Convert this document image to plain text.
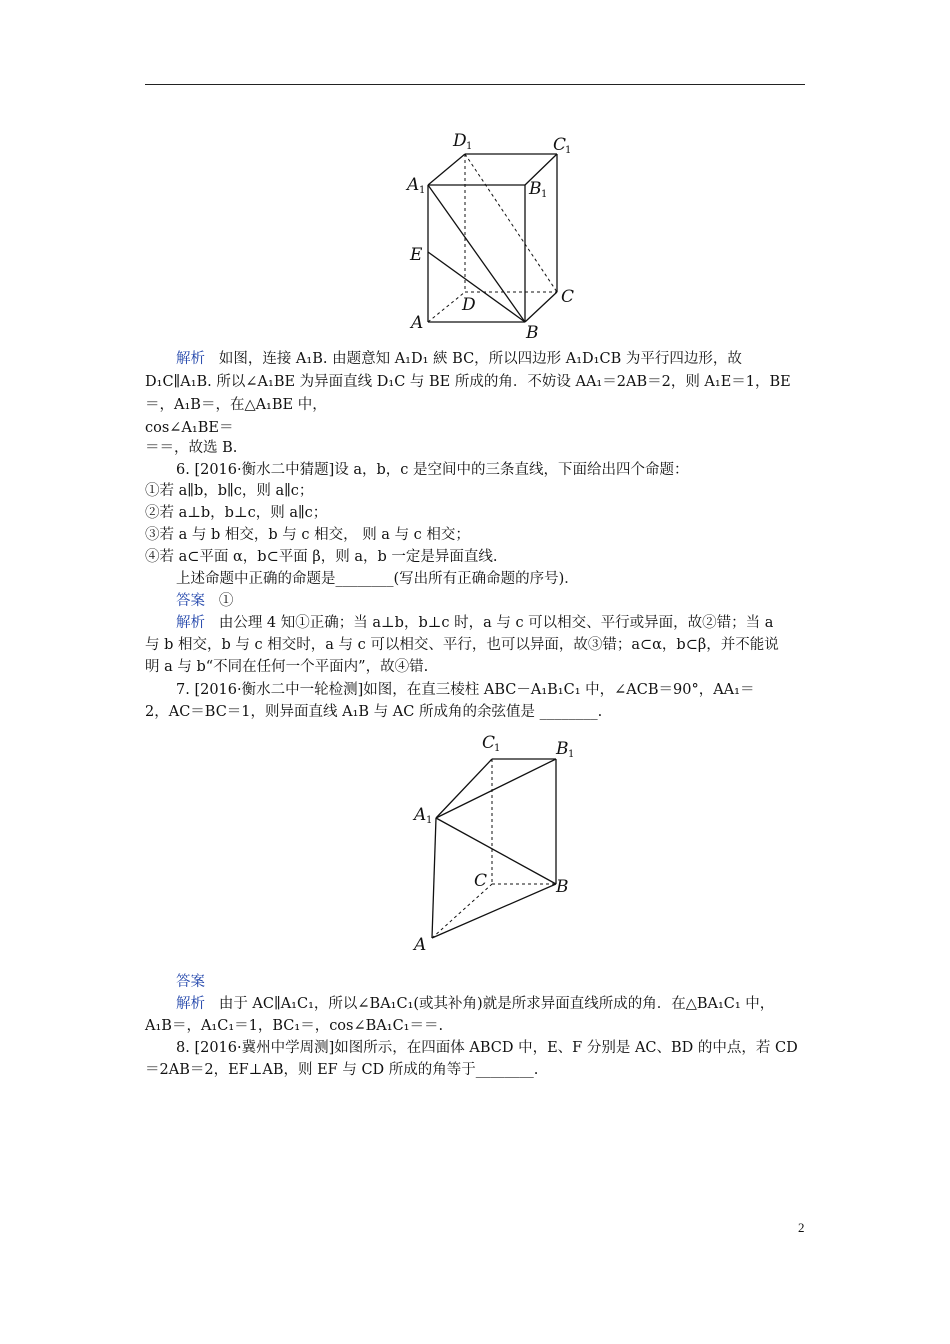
D 1	C
1
A 1	B 1
E
D	C
A	B
解析 如图，连接 A₁B. 由题意知 A₁D₁ 綊 BC，所以四边形 A₁D₁CB 为平行四边形，故
D₁C∥A₁B. 所以∠A₁BE 为异面直线 D₁C 与 BE 所成的角．不妨设 AA₁＝2AB＝2，则 A₁E＝1，BE
＝，A₁B＝，在△A₁BE 中，
cos∠A₁BE＝
＝＝，故选 B.
6. [2016·衡水二中猜题]设 a，b，c 是空间中的三条直线，下面给出四个命题：
①若 a∥b，b∥c，则 a∥c；
②若 a⊥b，b⊥c，则 a∥c；
③若 a 与 b 相交，b 与 c 相交， 则 a 与 c 相交；
④若 a⊂平面 α，b⊂平面 β，则 a，b 一定是异面直线.
上述命题中正确的命题是________(写出所有正确命题的序号)．
答案 ①
解析 由公理 4 知①正确；当 a⊥b，b⊥c 时，a 与 c 可以相交、平行或异面，故②错；当 a
与 b 相交，b 与 c 相交时，a 与 c 可以相交、平行，也可以异面，故③错；a⊂α，b⊂β，并不能说
明 a 与 b“不同在任何一个平面内”，故④错.
7. [2016·衡水二中一轮检测]如图，在直三棱柱 ABC－A₁B₁C₁ 中，∠ACB＝90°，AA₁＝
2，AC＝BC＝1，则异面直线 A₁B 与 AC 所成角的余弦值是 ________.
C
1	B 1
A 1
C	B
A
答案
解析 由于 AC∥A₁C₁，所以∠BA₁C₁(或其补角)就是所求异面直线所成的角．在△BA₁C₁ 中，
A₁B＝，A₁C₁＝1，BC₁＝，cos∠BA₁C₁＝＝.
8. [2016·冀州中学周测]如图所示，在四面体 ABCD 中，E、F 分别是 AC、BD 的中点，若 CD
＝2AB＝2，EF⊥AB，则 EF 与 CD 所成的角等于________.
2
